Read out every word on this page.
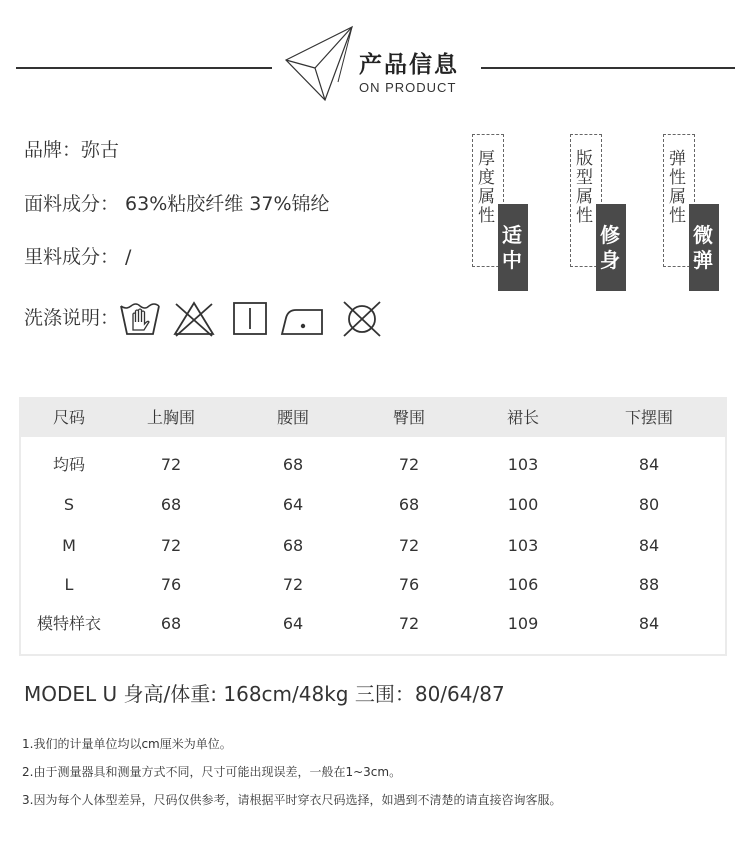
产品信息
ON PRODUCT
品牌：弥古
面料成分： 63%粘胶纤维 37%锦纶
里料成分： /
洗涤说明：
厚度属性
适中
版型属性
修身
弹性属性
微弹
尺码	上胸围	腰围	臀围	裙长	下摆围
均码	72	68	72	103	84
S	68	64	68	100	80
M	72	68	72	103	84
L	76	72	76	106	88
模特样衣	68	64	72	109	84
MODEL U 身高/体重: 168cm/48kg 三围：80/64/87
1.我们的计量单位均以cm厘米为单位。
2.由于测量器具和测量方式不同，尺寸可能出现误差，一般在1~3cm。
3.因为每个人体型差异，尺码仅供参考，请根据平时穿衣尺码选择，如遇到不清楚的请直接咨询客服。
